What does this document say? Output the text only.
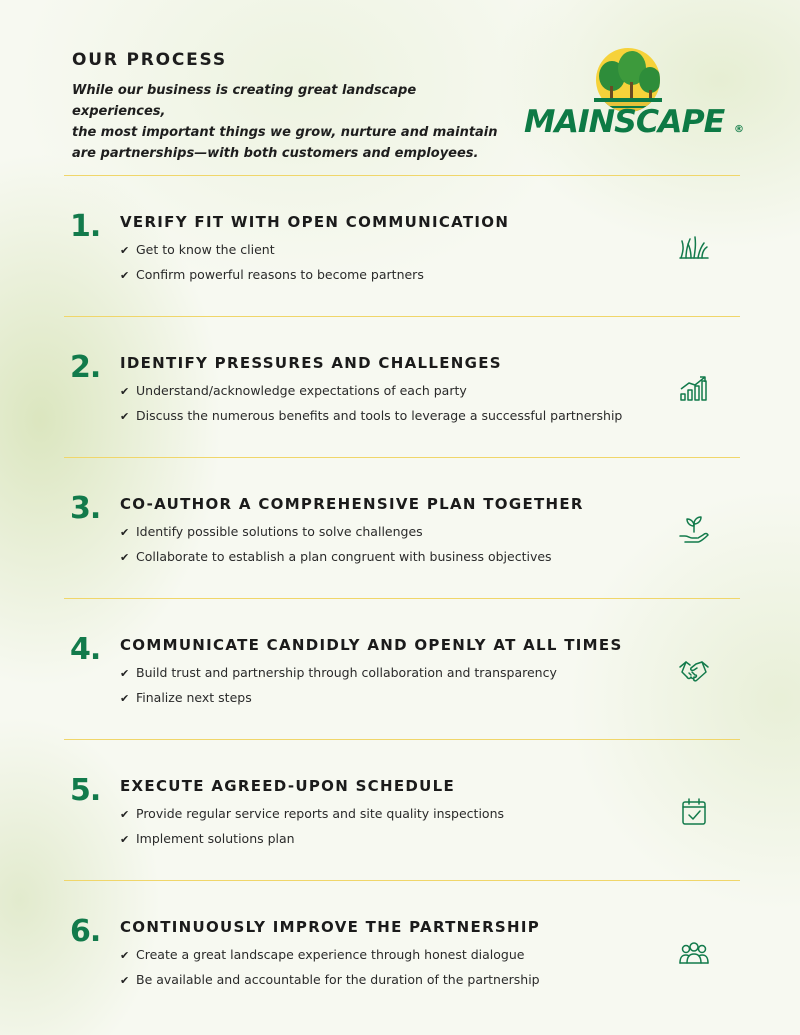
OUR PROCESS

While our business is creating great landscape experiences,
the most important things we grow, nurture and maintain
are partnerships—with both customers and employees.

MAINSCAPE ®
1. VERIFY FIT WITH OPEN COMMUNICATION
✔ Get to know the client
✔ Confirm powerful reasons to become partners
2. IDENTIFY PRESSURES AND CHALLENGES
✔ Understand/acknowledge expectations of each party
✔ Discuss the numerous benefits and tools to leverage a successful partnership
3. CO-AUTHOR A COMPREHENSIVE PLAN TOGETHER
✔ Identify possible solutions to solve challenges
✔ Collaborate to establish a plan congruent with business objectives
4. COMMUNICATE CANDIDLY AND OPENLY AT ALL TIMES
✔ Build trust and partnership through collaboration and transparency
✔ Finalize next steps
5. EXECUTE AGREED-UPON SCHEDULE
✔ Provide regular service reports and site quality inspections
✔ Implement solutions plan
6. CONTINUOUSLY IMPROVE THE PARTNERSHIP
✔ Create a great landscape experience through honest dialogue
✔ Be available and accountable for the duration of the partnership
